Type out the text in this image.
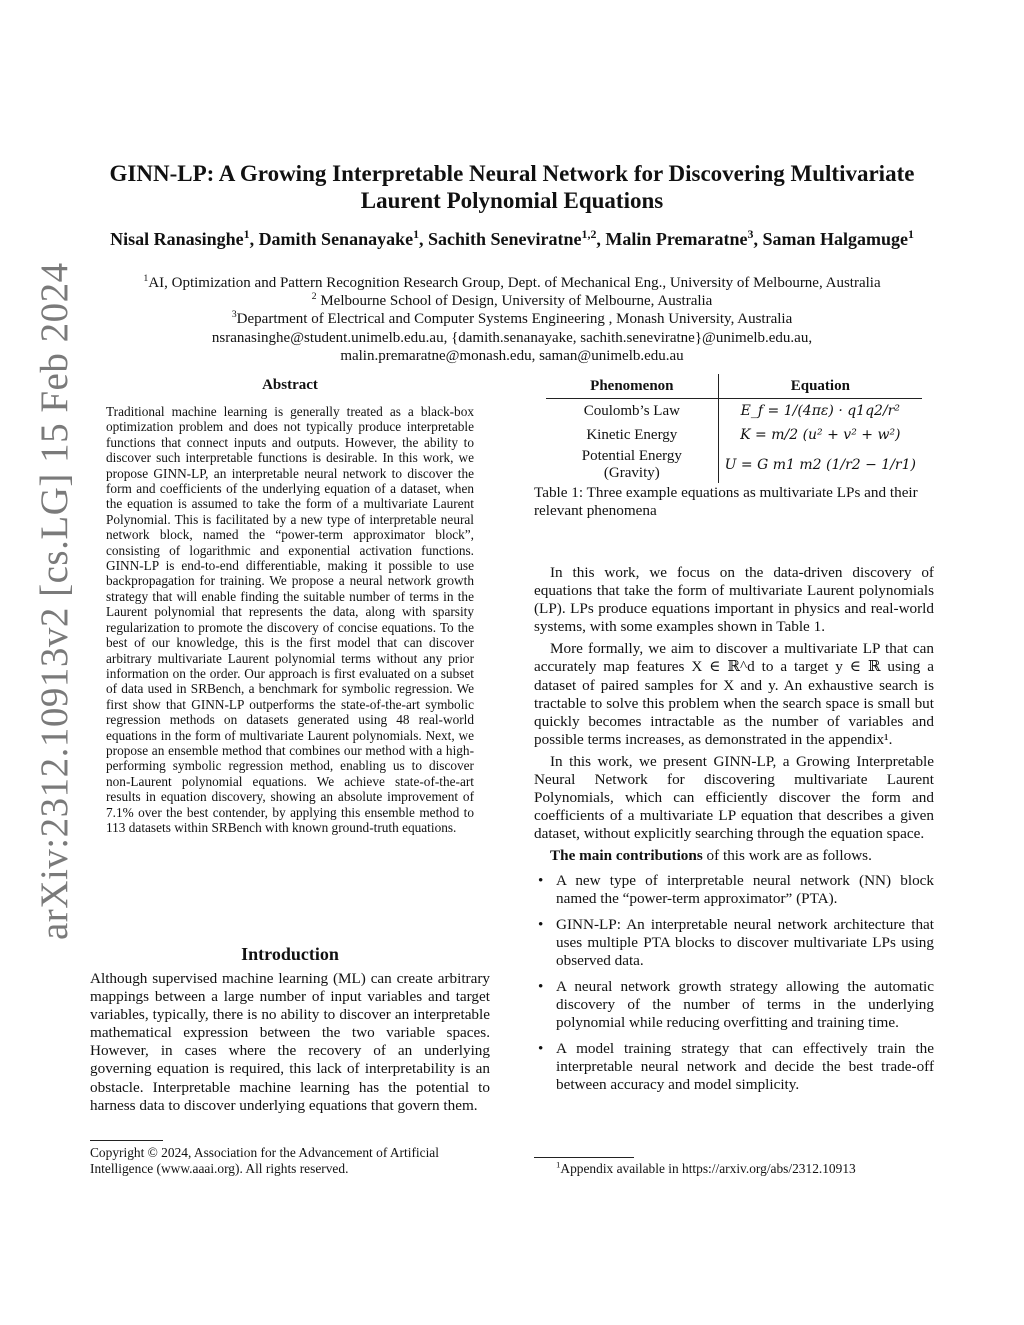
arXiv:2312.10913v2 [cs.LG] 15 Feb 2024
GINN-LP: A Growing Interpretable Neural Network for Discovering Multivariate Laurent Polynomial Equations
Nisal Ranasinghe$^1$, Damith Senanayake$^1$, Sachith Seneviratne$^{1,2}$, Malin Premaratne$^3$, Saman Halgamuge$^1$
$^1$AI, Optimization and Pattern Recognition Research Group, Dept. of Mechanical Eng., University of Melbourne, Australia
$^2$ Melbourne School of Design, University of Melbourne, Australia
$^3$Department of Electrical and Computer Systems Engineering , Monash University, Australia
nsranasinghe@student.unimelb.edu.au, {damith.senanayake, sachith.seneviratne}@unimelb.edu.au,
malin.premaratne@monash.edu, saman@unimelb.edu.au
Abstract
Traditional machine learning is generally treated as a black-box optimization problem and does not typically produce interpretable functions that connect inputs and outputs. However, the ability to discover such interpretable functions is desirable. In this work, we propose GINN-LP, an interpretable neural network to discover the form and coefficients of the underlying equation of a dataset, when the equation is assumed to take the form of a multivariate Laurent Polynomial. This is facilitated by a new type of interpretable neural network block, named the “power-term approximator block”, consisting of logarithmic and exponential activation functions. GINN-LP is end-to-end differentiable, making it possible to use backpropagation for training. We propose a neural network growth strategy that will enable finding the suitable number of terms in the Laurent polynomial that represents the data, along with sparsity regularization to promote the discovery of concise equations. To the best of our knowledge, this is the first model that can discover arbitrary multivariate Laurent polynomial terms without any prior information on the order. Our approach is first evaluated on a subset of data used in SRBench, a benchmark for symbolic regression. We first show that GINN-LP outperforms the state-of-the-art symbolic regression methods on datasets generated using 48 real-world equations in the form of multivariate Laurent polynomials. Next, we propose an ensemble method that combines our method with a high-performing symbolic regression method, enabling us to discover non-Laurent polynomial equations. We achieve state-of-the-art results in equation discovery, showing an absolute improvement of 7.1% over the best contender, by applying this ensemble method to 113 datasets within SRBench with known ground-truth equations.
Introduction
Although supervised machine learning (ML) can create arbitrary mappings between a large number of input variables and target variables, typically, there is no ability to discover an interpretable mathematical expression between the two variable spaces. However, in cases where the recovery of an underlying governing equation is required, this lack of interpretability is an obstacle. Interpretable machine learning has the potential to harness data to discover underlying equations that govern them.
Copyright © 2024, Association for the Advancement of Artificial Intelligence (www.aaai.org). All rights reserved.
Phenomenon	Equation
Coulomb’s Law	E_f = 1/(4πε) · q1q2/r²
Kinetic Energy	K = m/2 (u² + v² + w²)
Potential Energy (Gravity)	U = G m1 m2 (1/r2 − 1/r1)
Table 1: Three example equations as multivariate LPs and their relevant phenomena

In this work, we focus on the data-driven discovery of equations that take the form of multivariate Laurent polynomials (LP). LPs produce equations important in physics and real-world systems, with some examples shown in Table 1.

More formally, we aim to discover a multivariate LP that can accurately map features X ∈ ℝ^d to a target y ∈ ℝ using a dataset of paired samples for X and y. An exhaustive search is tractable to solve this problem when the search space is small but quickly becomes intractable as the number of variables and possible terms increases, as demonstrated in the appendix¹.

In this work, we present GINN-LP, a Growing Interpretable Neural Network for discovering multivariate Laurent Polynomials, which can efficiently discover the form and coefficients of a multivariate LP equation that describes a given dataset, without explicitly searching through the equation space.

The main contributions of this work are as follows.

• A new type of interpretable neural network (NN) block named the “power-term approximator” (PTA).
• GINN-LP: An interpretable neural network architecture that uses multiple PTA blocks to discover multivariate LPs using observed data.
• A neural network growth strategy allowing the automatic discovery of the number of terms in the underlying polynomial while reducing overfitting and training time.
• A model training strategy that can effectively train the interpretable neural network and decide the best trade-off between accuracy and model simplicity.
$^1$Appendix available in https://arxiv.org/abs/2312.10913
